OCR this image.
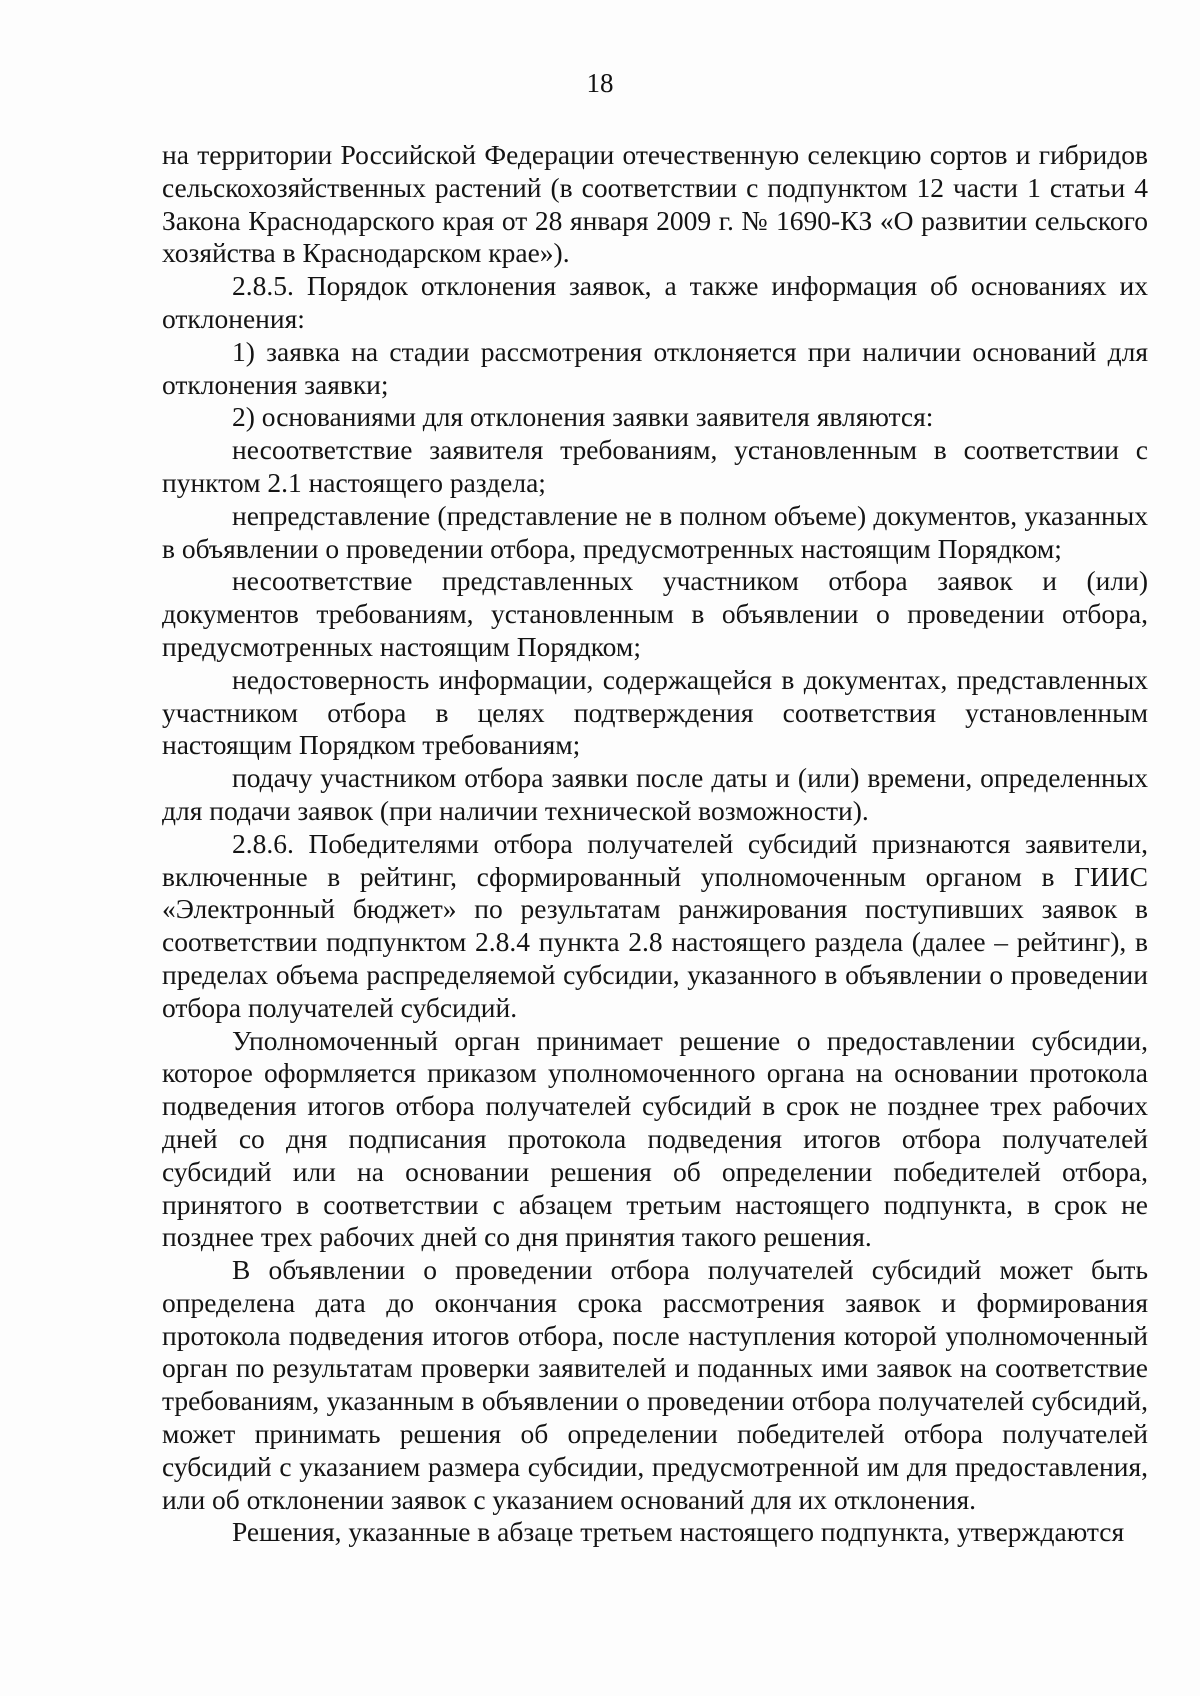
18

на территории Российской Федерации отечественную селекцию сортов и гибридов сельскохозяйственных растений (в соответствии с подпунктом 12 части 1 статьи 4 Закона Краснодарского края от 28 января 2009 г. № 1690-КЗ «О развитии сельского хозяйства в Краснодарском крае»).

2.8.5. Порядок отклонения заявок, а также информация об основаниях их отклонения:

1) заявка на стадии рассмотрения отклоняется при наличии оснований для отклонения заявки;

2) основаниями для отклонения заявки заявителя являются:

несоответствие заявителя требованиям, установленным в соответствии с пунктом 2.1 настоящего раздела;

непредставление (представление не в полном объеме) документов, указанных в объявлении о проведении отбора, предусмотренных настоящим Порядком;

несоответствие представленных участником отбора заявок и (или) документов требованиям, установленным в объявлении о проведении отбора, предусмотренных настоящим Порядком;

недостоверность информации, содержащейся в документах, представленных участником отбора в целях подтверждения соответствия установленным настоящим Порядком требованиям;

подачу участником отбора заявки после даты и (или) времени, определенных для подачи заявок (при наличии технической возможности).

2.8.6. Победителями отбора получателей субсидий признаются заявители, включенные в рейтинг, сформированный уполномоченным органом в ГИИС «Электронный бюджет» по результатам ранжирования поступивших заявок в соответствии подпунктом 2.8.4 пункта 2.8 настоящего раздела (далее – рейтинг), в пределах объема распределяемой субсидии, указанного в объявлении о проведении отбора получателей субсидий.

Уполномоченный орган принимает решение о предоставлении субсидии, которое оформляется приказом уполномоченного органа на основании протокола подведения итогов отбора получателей субсидий в срок не позднее трех рабочих дней со дня подписания протокола подведения итогов отбора получателей субсидий или на основании решения об определении победителей отбора, принятого в соответствии с абзацем третьим настоящего подпункта, в срок не позднее трех рабочих дней со дня принятия такого решения.

В объявлении о проведении отбора получателей субсидий может быть определена дата до окончания срока рассмотрения заявок и формирования протокола подведения итогов отбора, после наступления которой уполномоченный орган по результатам проверки заявителей и поданных ими заявок на соответствие требованиям, указанным в объявлении о проведении отбора получателей субсидий, может принимать решения об определении победителей отбора получателей субсидий с указанием размера субсидии, предусмотренной им для предоставления, или об отклонении заявок с указанием оснований для их отклонения.

Решения, указанные в абзаце третьем настоящего подпункта, утверждаются
